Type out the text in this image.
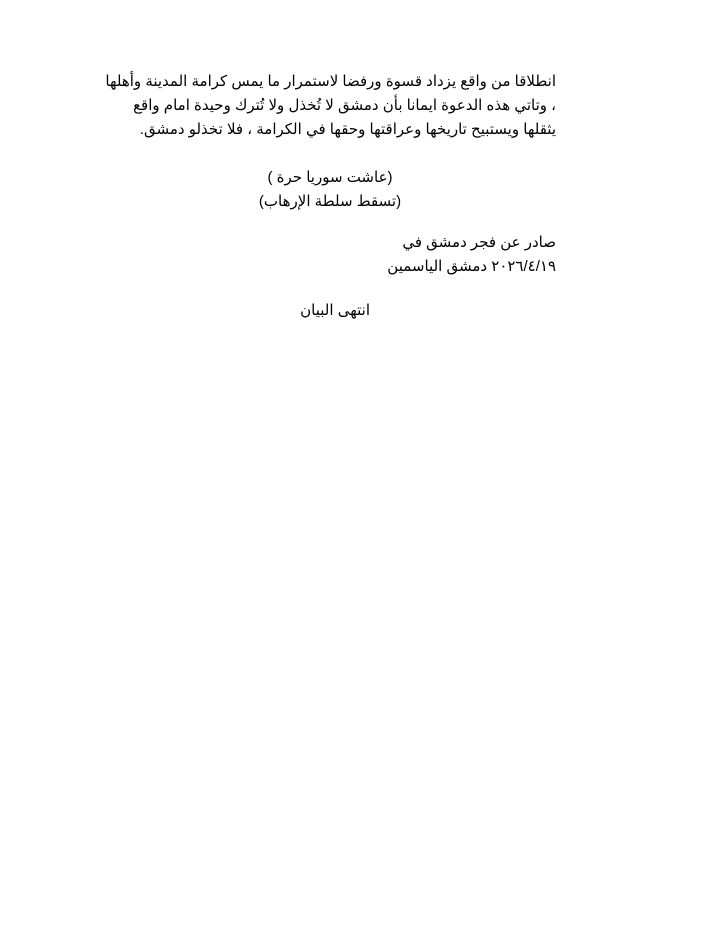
انطلاقا من واقع يزداد قسوة ورفضا لاستمرار ما يمس كرامة المدينة وأهلها
، وتاتي هذه الدعوة ايمانا بأن دمشق لا تُخذل ولا تُترك وحيدة امام واقع
يثقلها ويستبيح تاريخها وعراقتها وحقها في الكرامة ، فلا تخذلو دمشق.
(عاشت سوريا حرة )
(تسقط سلطة الإرهاب)
صادر عن فجر دمشق في
٢٠٢٦/٤/١٩ دمشق الياسمين
انتهى البيان
